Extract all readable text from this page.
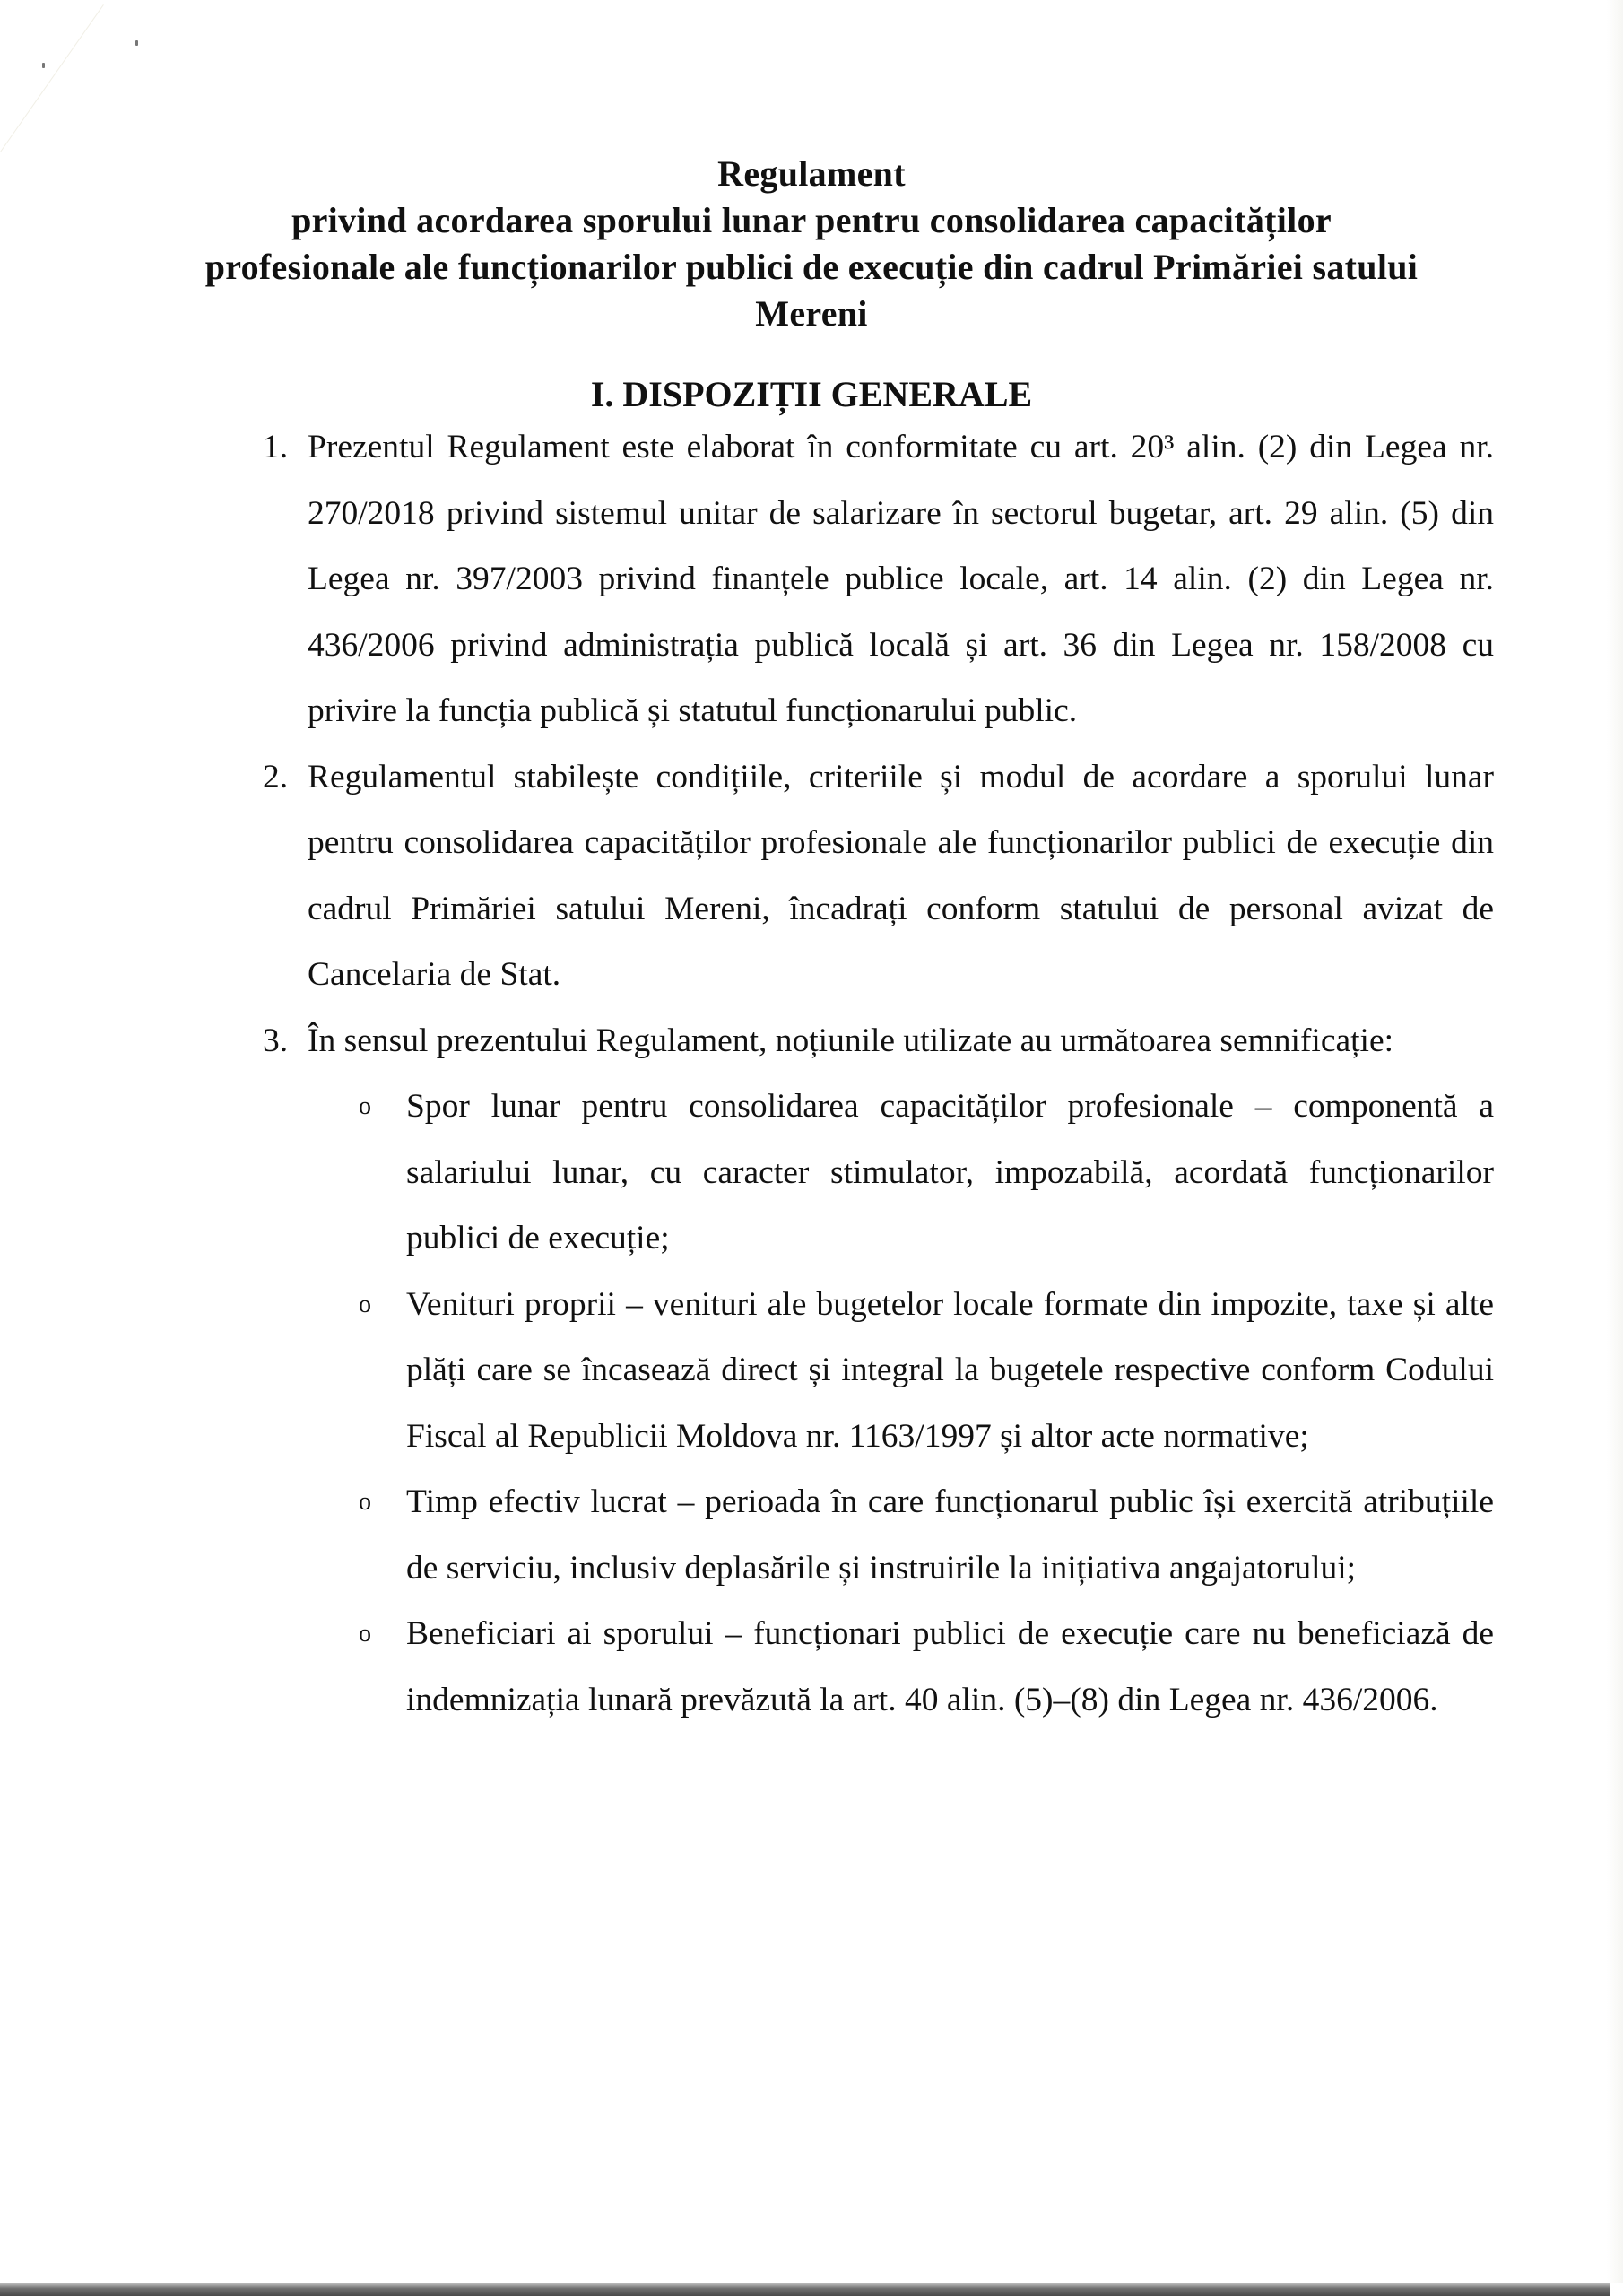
Regulament
privind acordarea sporului lunar pentru consolidarea capacităților
profesionale ale funcționarilor publici de execuție din cadrul Primăriei satului
Mereni
I. DISPOZIȚII GENERALE
1. Prezentul Regulament este elaborat în conformitate cu art. 20³ alin. (2) din Legea nr. 270/2018 privind sistemul unitar de salarizare în sectorul bugetar, art. 29 alin. (5) din Legea nr. 397/2003 privind finanțele publice locale, art. 14 alin. (2) din Legea nr. 436/2006 privind administrația publică locală și art. 36 din Legea nr. 158/2008 cu privire la funcția publică și statutul funcționarului public.
2. Regulamentul stabilește condițiile, criteriile și modul de acordare a sporului lunar pentru consolidarea capacităților profesionale ale funcționarilor publici de execuție din cadrul Primăriei satului Mereni, încadrați conform statului de personal avizat de Cancelaria de Stat.
3. În sensul prezentului Regulament, noțiunile utilizate au următoarea semnificație:
o Spor lunar pentru consolidarea capacităților profesionale – componentă a salariului lunar, cu caracter stimulator, impozabilă, acordată funcționarilor publici de execuție;
o Venituri proprii – venituri ale bugetelor locale formate din impozite, taxe și alte plăți care se încasează direct și integral la bugetele respective conform Codului Fiscal al Republicii Moldova nr. 1163/1997 și altor acte normative;
o Timp efectiv lucrat – perioada în care funcționarul public își exercită atribuțiile de serviciu, inclusiv deplasările și instruirile la inițiativa angajatorului;
o Beneficiari ai sporului – funcționari publici de execuție care nu beneficiază de indemnizația lunară prevăzută la art. 40 alin. (5)–(8) din Legea nr. 436/2006.
